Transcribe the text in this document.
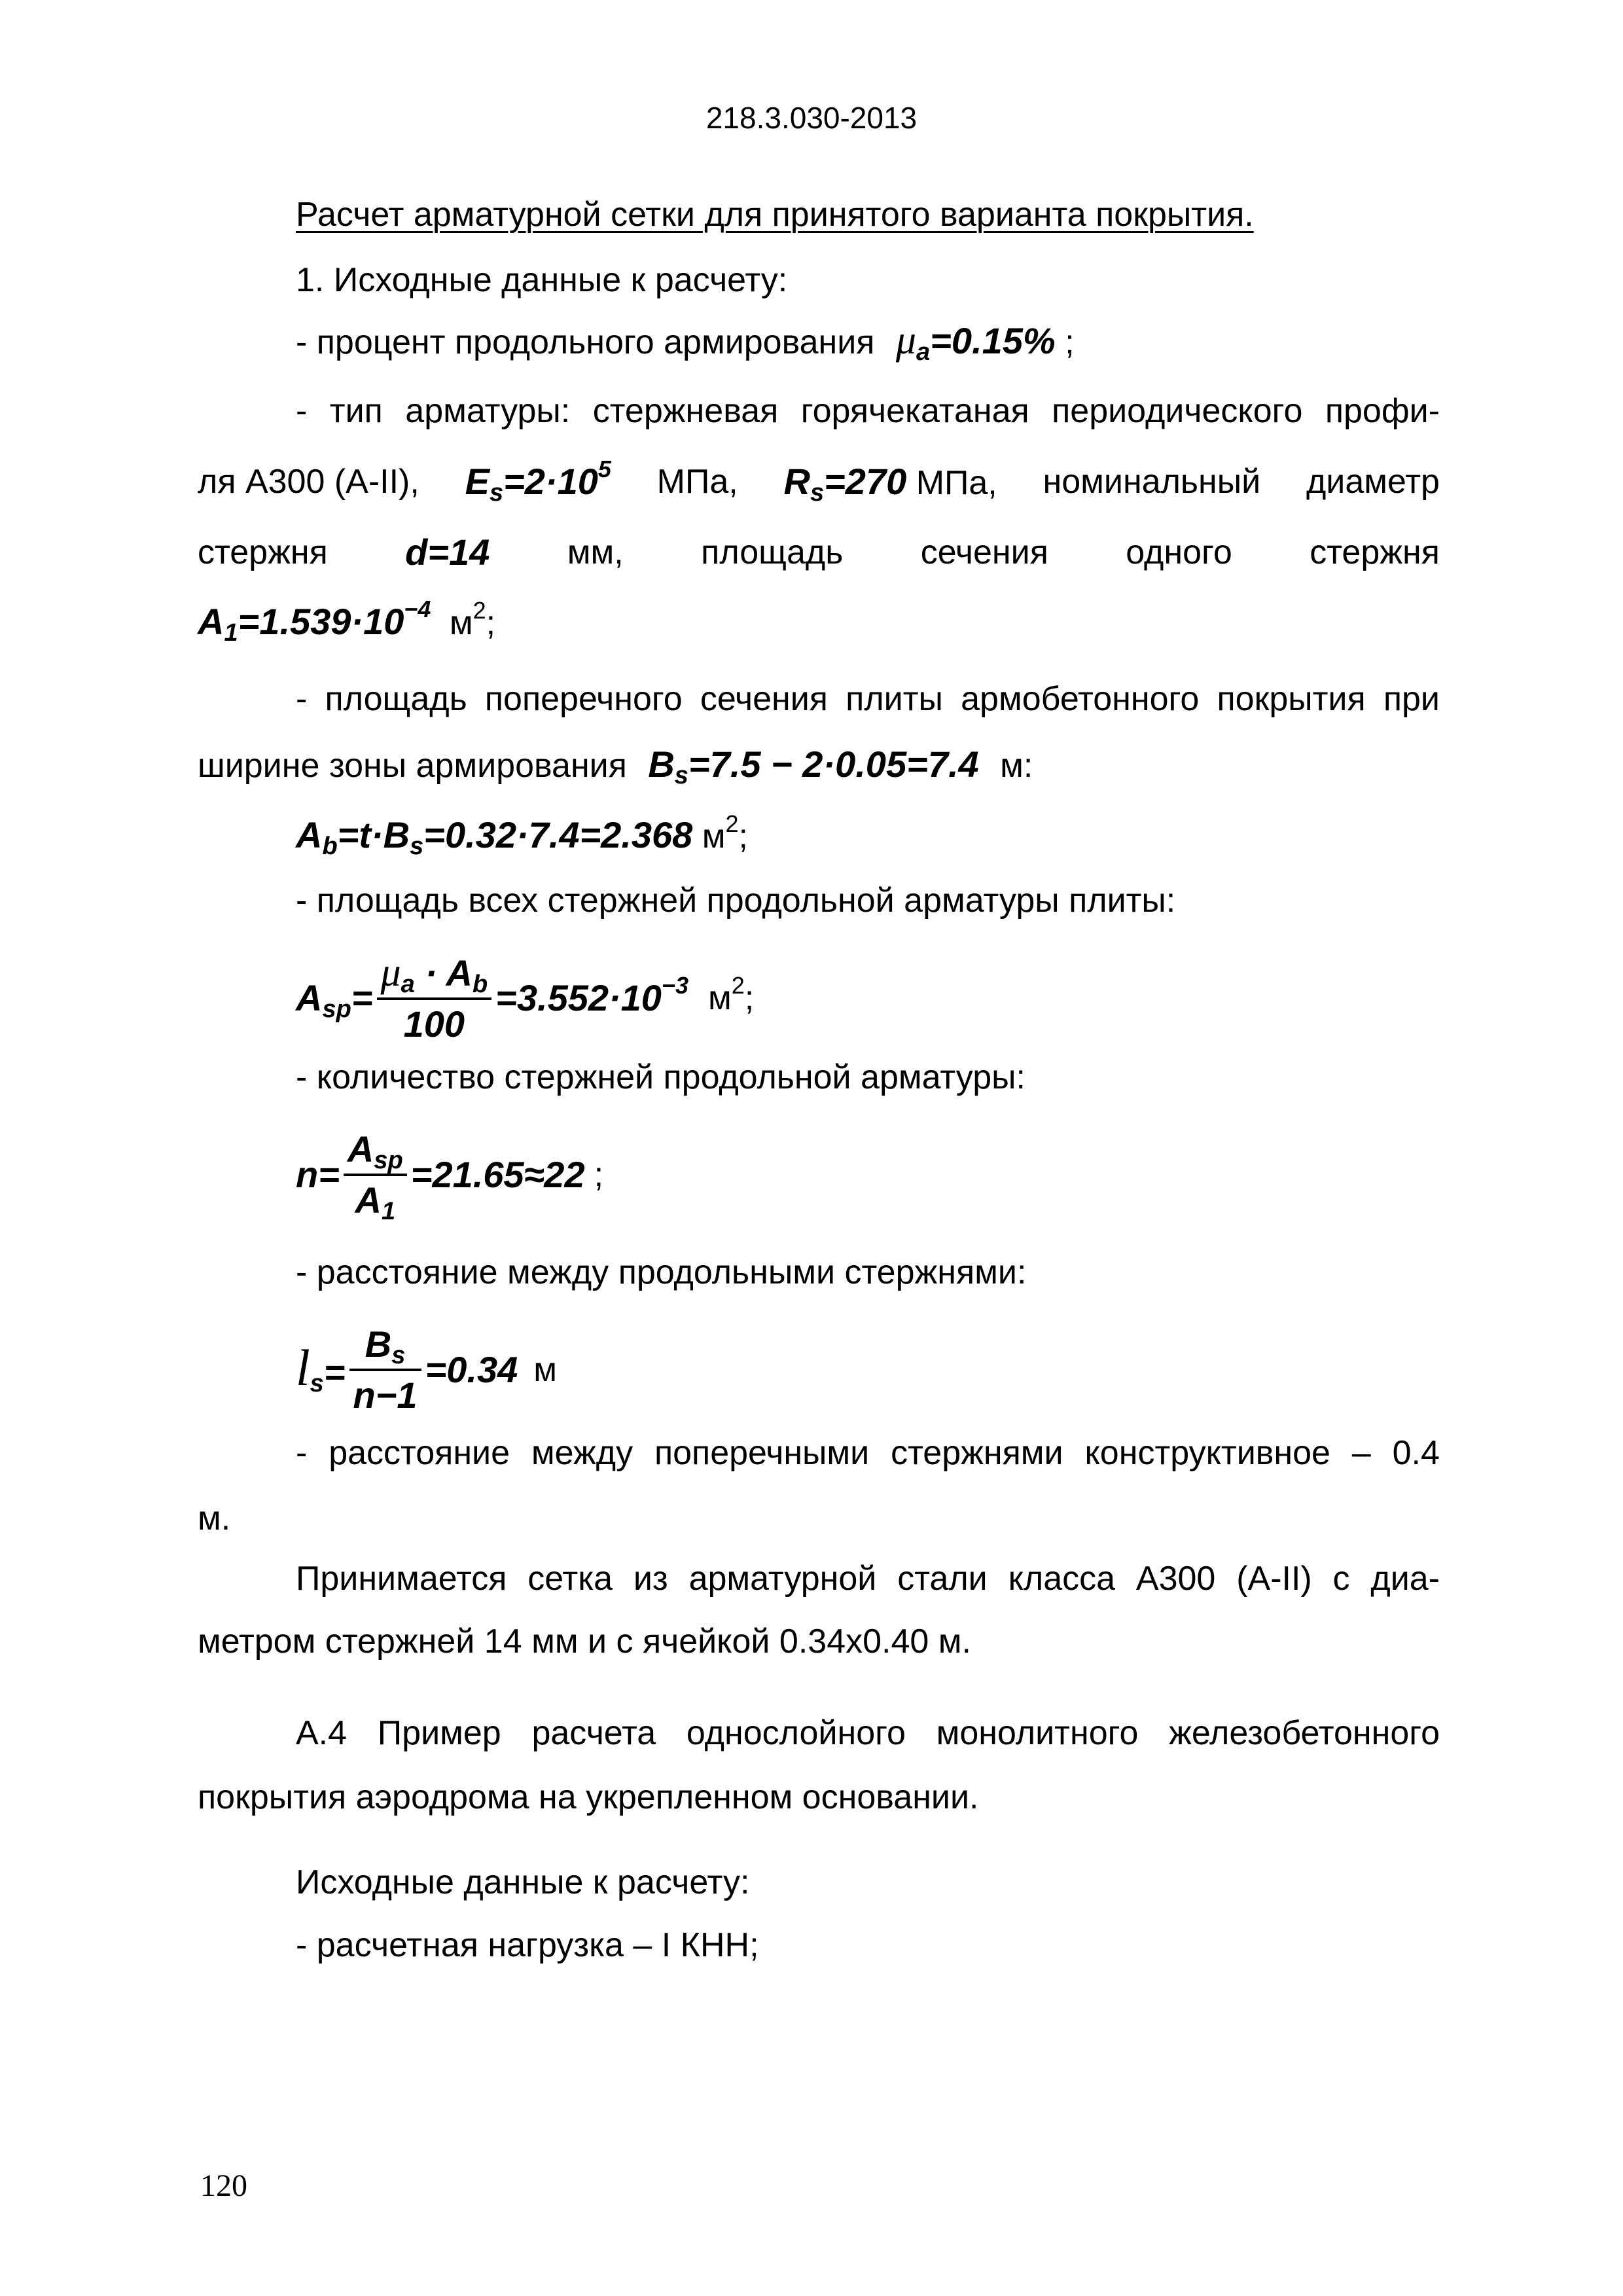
218.3.030-2013
Расчет арматурной сетки для принятого варианта покрытия.
1. Исходные данные к расчету:
- процент продольного армирования $\mu_a=0.15\%$ ;
- тип арматуры: стержневая горячекатаная периодического профи-
ля А300 (А-II), $E_s=2\cdot 10^5$ МПа, $R_s=270$ МПа, номинальный диаметр
стержня d=14 мм, площадь сечения одного стержня
$A_1=1.539\cdot 10^{-4}$ $м^2$;
- площадь поперечного сечения плиты армобетонного покрытия при
ширине зоны армирования $B_s=7.5 - 2\cdot 0.05=7.4$ м:
$A_b=t\cdot B_s=0.32\cdot 7.4=2.368$ $м^2$;
- площадь всех стержней продольной арматуры плиты:
$A_{sp}= \frac{\mu_a \cdot A_b}{100} =3.552\cdot 10^{-3}$ $м^2$;
- количество стержней продольной арматуры:
$n= \frac{A_{sp}}{A_1} =21.65\approx 22$ ;
- расстояние между продольными стержнями:
$l_s= \frac{B_s}{n-1} =0.34$ м
- расстояние между поперечными стержнями конструктивное – 0.4
м.
Принимается сетка из арматурной стали класса А300 (А-II) с диа-
метром стержней 14 мм и с ячейкой 0.34х0.40 м.
А.4 Пример расчета однослойного монолитного железобетонного
покрытия аэродрома на укрепленном основании.
Исходные данные к расчету:
- расчетная нагрузка – I КНН;
120
